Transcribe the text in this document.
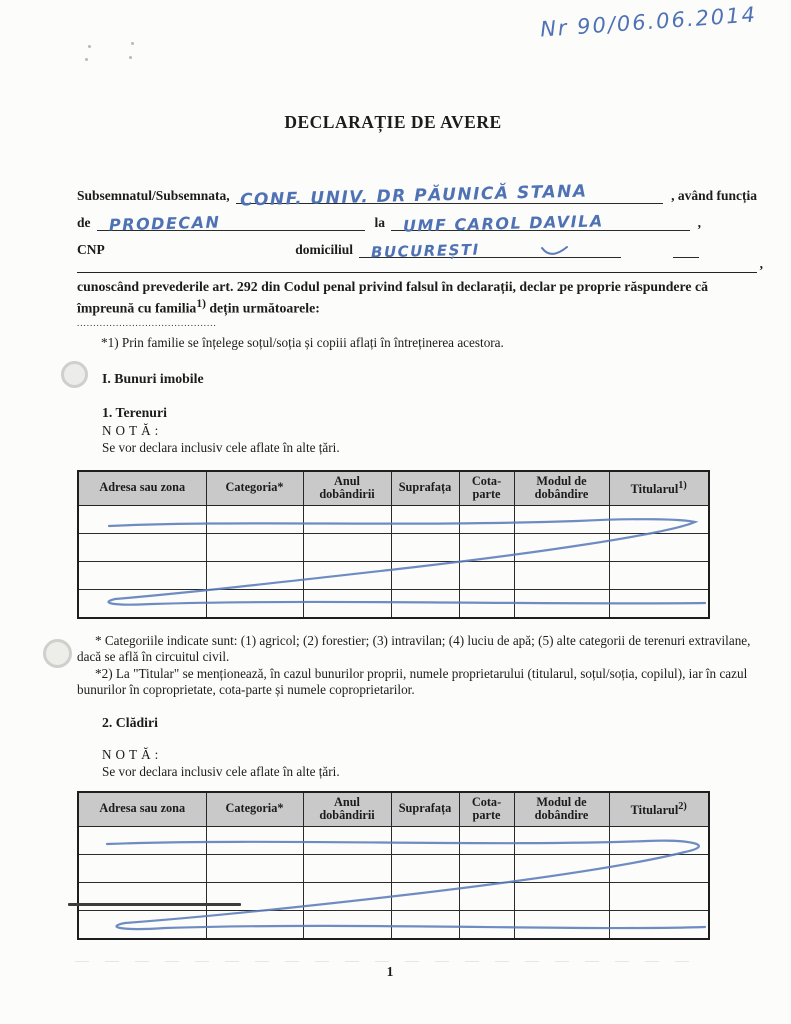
Nr 90/06.06.2014
DECLARAȚIE DE AVERE
Subsemnatul/Subsemnata, CONF. UNIV. DR PĂUNICĂ STANA	, având funcția
de	PRODECAN	la	UMF CAROL DAVILA	,
CNP	domiciliul	BUCUREȘTI
,
cunoscând prevederile art. 292 din Codul penal privind falsul în declarații, declar pe proprie răspundere că împreună cu familia$^{1)}$ dețin următoarele:
...........................................
*1) Prin familie se înțelege soțul/soția și copiii aflați în întreținerea acestora.
I. Bunuri imobile
1. Terenuri
NOTĂ:
Se vor declara inclusiv cele aflate în alte țări.
Adresa sau zona	Categoria*	Anul dobândirii	Suprafața	Cota-parte	Modul de dobândire	Titularul$^{1)}$

* Categoriile indicate sunt: (1) agricol; (2) forestier; (3) intravilan; (4) luciu de apă; (5) alte categorii de terenuri extravilane, dacă se află în circuitul civil.
*2) La "Titular" se menționează, în cazul bunurilor proprii, numele proprietarului (titularul, soțul/soția, copilul), iar în cazul bunurilor în coproprietate, cota-parte și numele coproprietarilor.
2. Clădiri
NOTĂ:
Se vor declara inclusiv cele aflate în alte țări.
Adresa sau zona	Categoria*	Anul dobândirii	Suprafața	Cota-parte	Modul de dobândire	Titularul$^{2)}$

1
